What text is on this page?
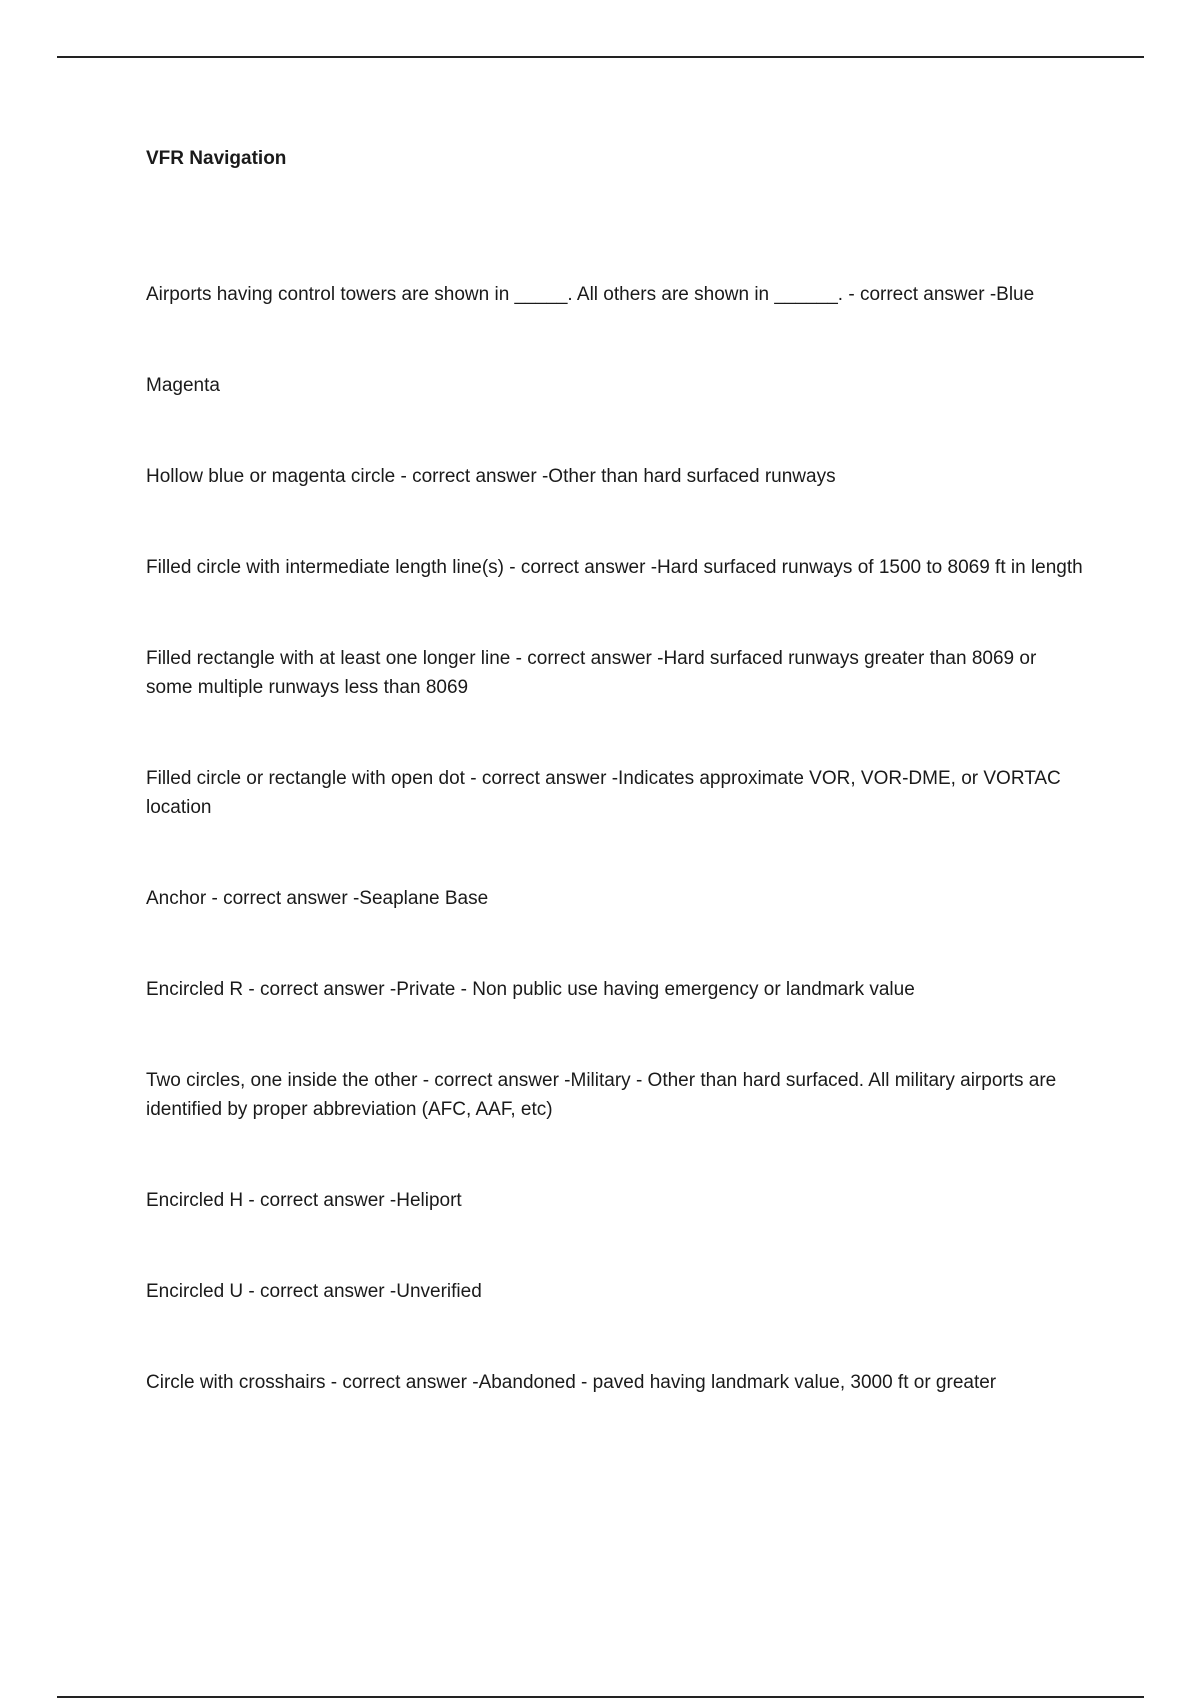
VFR Navigation

Airports having control towers are shown in _____. All others are shown in ______. - correct answer -Blue

Magenta

Hollow blue or magenta circle - correct answer -Other than hard surfaced runways

Filled circle with intermediate length line(s) - correct answer -Hard surfaced runways of 1500 to 8069 ft in length

Filled rectangle with at least one longer line - correct answer -Hard surfaced runways greater than 8069 or some multiple runways less than 8069

Filled circle or rectangle with open dot - correct answer -Indicates approximate VOR, VOR-DME, or VORTAC location

Anchor - correct answer -Seaplane Base

Encircled R - correct answer -Private - Non public use having emergency or landmark value

Two circles, one inside the other - correct answer -Military - Other than hard surfaced. All military airports are identified by proper abbreviation (AFC, AAF, etc)

Encircled H - correct answer -Heliport

Encircled U - correct answer -Unverified

Circle with crosshairs - correct answer -Abandoned - paved having landmark value, 3000 ft or greater
